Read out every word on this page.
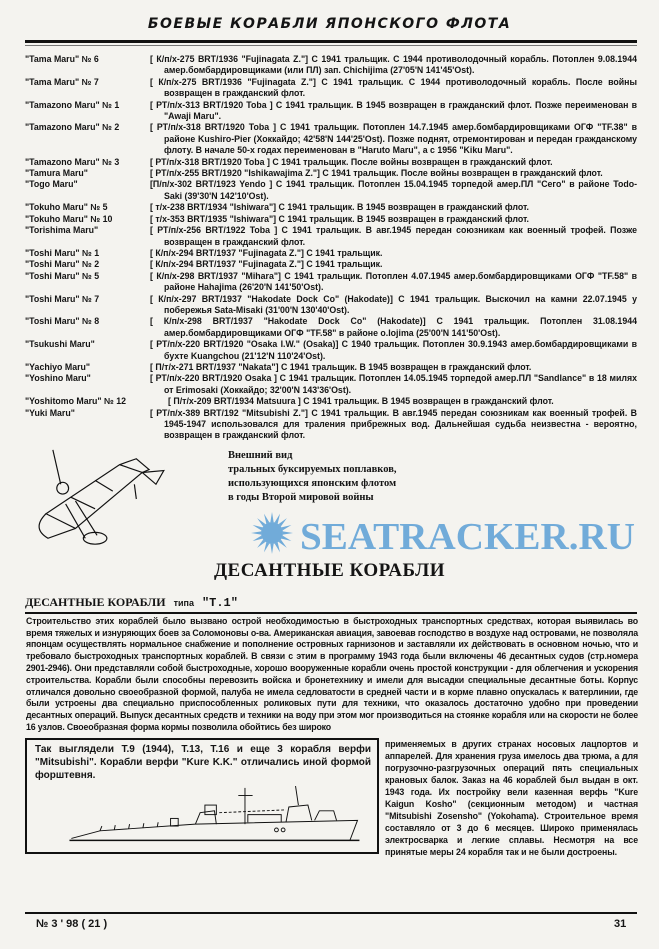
БОЕВЫЕ КОРАБЛИ ЯПОНСКОГО ФЛОТА
"Tama Maru" № 6	[ К/п/х-275 BRT/1936 "Fujinagata Z."] С 1941 тральщик. С 1944 противолодочный корабль. Потоплен 9.08.1944 амер.бомбардировщиками (или ПЛ) зап. Chichijima (27'05'N 141'45'Ost).
"Tama Maru" № 7	[ К/п/х-275 BRT/1936 "Fujinagata Z."] С 1941 тральщик. С 1944 противолодочный корабль. После войны возвращен в гражданский флот.
"Tamazono Maru" № 1	[ РТ/п/х-313 BRT/1920 Toba ] С 1941 тральщик. В 1945 возвращен в гражданский флот. Позже переименован в "Awaji Maru".
"Tamazono Maru" № 2	[ РТ/п/х-318 BRT/1920 Toba ] С 1941 тральщик. Потоплен 14.7.1945 амер.бомбардировщиками ОГФ "TF.38" в районе Kushiro-Pier (Хоккайдо; 42'58'N 144'25'Ost). Позже поднят, отремонтирован и передан гражданскому флоту. В начале 50-х годах переименован в "Haruto Maru", а с 1956 "Kiku Maru".
"Tamazono Maru" № 3	[ РТ/п/х-318 BRT/1920 Toba ] С 1941 тральщик. После войны возвращен в гражданский флот.
"Tamura Maru"	[ РТ/п/х-255 BRT/1920 "Ishikawajima Z."] С 1941 тральщик. После войны возвращен в гражданский флот.
"Togo Maru"	[П/п/х-302 BRT/1923 Yendo ] С 1941 тральщик. Потоплен 15.04.1945 торпедой амер.ПЛ "Сего" в районе Todo-Saki (39'30'N 142'10'Ost).
"Tokuho Maru" № 5	[ т/х-238 BRT/1934 "Ishiwara"] С 1941 тральщик. В 1945 возвращен в гражданский флот.
"Tokuho Maru" № 10	[ т/х-353 BRT/1935 "Ishiwara"] С 1941 тральщик. В 1945 возвращен в гражданский флот.
"Torishima Maru"	[ РТ/п/х-256 BRT/1922 Toba ] С 1941 тральщик. В авг.1945 передан союзникам как военный трофей. Позже возвращен в гражданский флот.
"Toshi Maru" № 1	[ К/п/х-294 BRT/1937 "Fujinagata Z."] С 1941 тральщик.
"Toshi Maru" № 2	[ К/п/х-294 BRT/1937 "Fujinagata Z."] С 1941 тральщик.
"Toshi Maru" № 5	[ К/п/х-298 BRT/1937 "Mihara"] С 1941 тральщик. Потоплен 4.07.1945 амер.бомбардировщиками ОГФ "TF.58" в районе Hahajima (26'20'N 141'50'Ost).
"Toshi Maru" № 7	[ К/п/х-297 BRT/1937 "Hakodate Dock Co" (Hakodate)] С 1941 тральщик. Выскочил на камни 22.07.1945 у побережья Sata-Misaki (31'00'N 130'40'Ost).
"Toshi Maru" № 8	[ К/п/х-298 BRT/1937 "Hakodate Dock Co" (Hakodate)] С 1941 тральщик. Потоплен 31.08.1944 амер.бомбардировщиками ОГФ "TF.58" в районе о.Iojima (25'00'N 141'50'Ost).
"Tsukushi Maru"	[ РТ/п/х-220 BRT/1920 "Osaka I.W." (Osaka)] С 1940 тральщик. Потоплен 30.9.1943 амер.бомбардировщиками в бухте Kuangchou (21'12'N 110'24'Ost).
"Yachiyo Maru"	[ П/т/х-271 BRT/1937 "Nakata"] С 1941 тральщик. В 1945 возвращен в гражданский флот.
"Yoshino Maru"	[ РТ/п/х-220 BRT/1920 Osaka ] С 1941 тральщик. Потоплен 14.05.1945 торпедой амер.ПЛ "Sandlance" в 18 милях от Erimosaki (Хоккайдо; 32'00'N 143'36'Ost).
"Yoshitomo Maru" № 12	[ П/т/х-209 BRT/1934 Matsuura ] С 1941 тральщик. В 1945 возвращен в гражданский флот.
"Yuki Maru"	[ РТ/п/х-389 BRT/192 "Mitsubishi Z."] С 1941 тральщик. В авг.1945 передан союзникам как военный трофей. В 1945-1947 использовался для траления прибрежных вод. Дальнейшая судьба неизвестна - вероятно, возвращен в гражданский флот.
Внешний вид
тральных буксируемых поплавков,
использующихся японским флотом
в годы Второй мировой войны
SEATRACKER.RU
ДЕСАНТНЫЕ КОРАБЛИ
ДЕСАНТНЫЕ КОРАБЛИ типа "Т.1"
Строительство этих кораблей было вызвано острой необходимостью в быстроходных транспортных средствах, которая выявилась во время тяжелых и изнуряющих боев за Соломоновы о-ва. Американская авиация, завоевав господство в воздухе над островами, не позволяла японцам осуществлять нормальное снабжение и пополнение островных гарнизонов и заставляли их действовать в основном ночью, что и требовало быстроходных транспортных кораблей. В связи с этим в программу 1943 года были включены 46 десантных судов (стр.номера 2901-2946). Они представляли собой быстроходные, хорошо вооруженные корабли очень простой конструкции - для облегчения и ускорения строительства. Корабли были способны перевозить войска и бронетехнику и имели для высадки специальные десантные боты. Корпус отличался довольно своеобразной формой, палуба не имела седловатости в средней части и в корме плавно опускалась к ватерлинии, где были устроены два специально приспособленных роликовых пути для техники, что оказалось достаточно удобно при проведении десантных операций. Выпуск десантных средств и техники на воду при этом мог производиться на стоянке корабля или на скорости не более 16 узлов. Своеобразная форма кормы позволила обойтись без широко
Так выглядели Т.9 (1944), Т.13, Т.16 и еще 3 корабля верфи "Mitsubishi". Корабли верфи "Kure K.K." отличались иной формой форштевня.
применяемых в других странах носовых лацпортов и аппарелей. Для хранения груза имелось два трюма, а для погрузочно-разгрузочных операций пять специальных крановых балок. Заказ на 46 кораблей был выдан в окт. 1943 года. Их постройку вели казенная верфь "Kure Kaigun Kosho" (секционным методом) и частная "Mitsubishi Zosensho" (Yokohama). Строительное время составляло от 3 до 6 месяцев. Широко применялась электросварка и легкие сплавы. Несмотря на все принятые меры 24 корабля так и не были достроены.
№ 3 ' 98 ( 21 )	31
